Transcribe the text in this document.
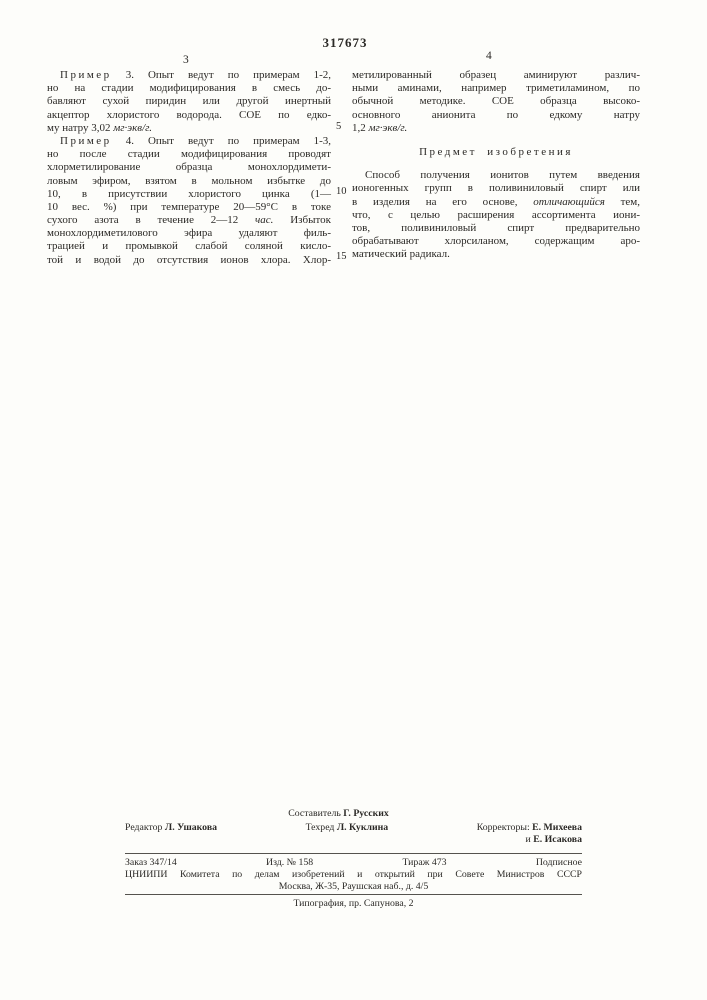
317673
3	4
5
10
15
Пример 3. Опыт ведут по примерам 1-2,
но на стадии модифицирования в смесь до-
бавляют сухой пиридин или другой инертный
акцептор хлористого водорода. СОЕ по едко-
му натру 3,02 мг·экв/г.
Пример 4. Опыт ведут по примерам 1-3,
но после стадии модифицирования проводят
хлорметилирование образца монохлордимети-
ловым эфиром, взятом в мольном избытке до
10, в присутствии хлористого цинка (1—
10 вес. %) при температуре 20—59°С в токе
сухого азота в течение 2—12 час. Избыток
монохлордиметилового эфира удаляют филь-
трацией и промывкой слабой соляной кисло-
той и водой до отсутствия ионов хлора. Хлор-
метилированный образец аминируют различ-
ными аминами, например триметиламином, по
обычной методике. СОЕ образца высоко-
основного анионита по едкому натру
1,2 мг·экв/г.
Предмет изобретения
Способ получения ионитов путем введения
ионогенных групп в поливиниловый спирт или
в изделия на его основе, отличающийся тем,
что, с целью расширения ассортимента иони-
тов, поливиниловый спирт предварительно
обрабатывают хлорсиланом, содержащим аро-
матический радикал.
Составитель Г. Русских
Редактор Л. Ушакова	Техред Л. Куклина	Корректоры: Е. Михеева
и Е. Исакова
Заказ 347/14	Изд. № 158	Тираж 473	Подписное
ЦНИИПИ Комитета по делам изобретений и открытий при Совете Министров СССР
Москва, Ж-35, Раушская наб., д. 4/5
Типография, пр. Сапунова, 2
